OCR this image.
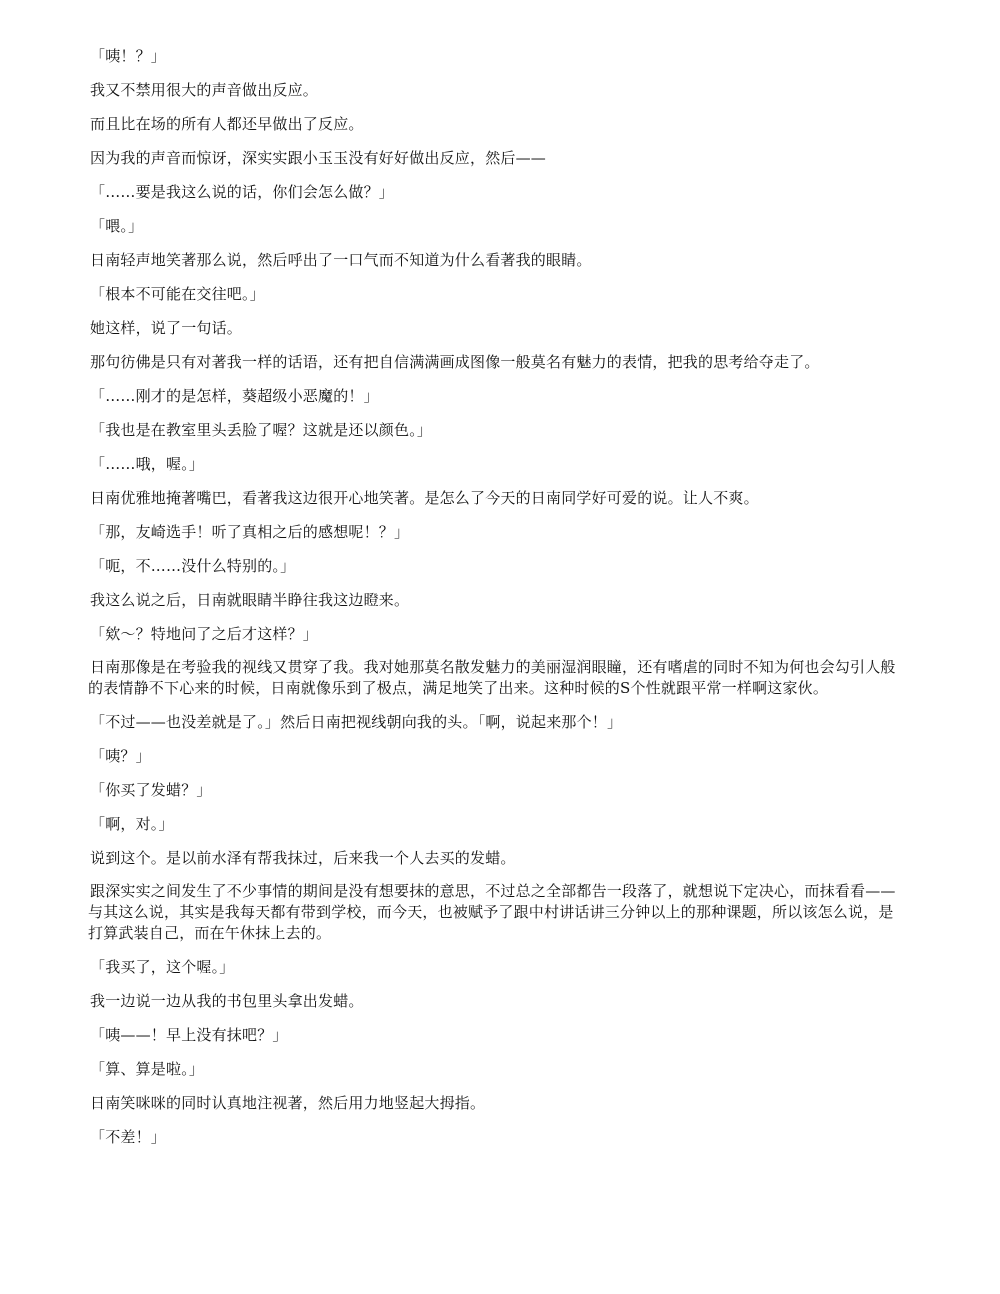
「咦！？」

我又不禁用很大的声音做出反应。

而且比在场的所有人都还早做出了反应。

因为我的声音而惊讶，深实实跟小玉玉没有好好做出反应，然后——

「……要是我这么说的话，你们会怎么做？」

「喂。」

日南轻声地笑著那么说，然后呼出了一口气而不知道为什么看著我的眼睛。

「根本不可能在交往吧。」

她这样，说了一句话。

那句彷佛是只有对著我一样的话语，还有把自信满满画成图像一般莫名有魅力的表情，把我的思考给夺走了。

「……刚才的是怎样，葵超级小恶魔的！」

「我也是在教室里头丢脸了喔？这就是还以颜色。」

「……哦，喔。」

日南优雅地掩著嘴巴，看著我这边很开心地笑著。是怎么了今天的日南同学好可爱的说。让人不爽。

「那，友崎选手！听了真相之后的感想呢！？」

「呃，不……没什么特别的。」

我这么说之后，日南就眼睛半睁往我这边瞪来。

「欸～？特地问了之后才这样？」

日南那像是在考验我的视线又贯穿了我。我对她那莫名散发魅力的美丽湿润眼瞳，还有嗜虐的同时不知为何也会勾引人般的表情静不下心来的时候，日南就像乐到了极点，满足地笑了出来。这种时候的S个性就跟平常一样啊这家伙。

「不过——也没差就是了。」然后日南把视线朝向我的头。「啊，说起来那个！」

「咦？」

「你买了发蜡？」

「啊，对。」

说到这个。是以前水泽有帮我抹过，后来我一个人去买的发蜡。

跟深实实之间发生了不少事情的期间是没有想要抹的意思，不过总之全部都告一段落了，就想说下定决心，而抹看看——与其这么说，其实是我每天都有带到学校，而今天，也被赋予了跟中村讲话讲三分钟以上的那种课题，所以该怎么说，是打算武装自己，而在午休抹上去的。

「我买了，这个喔。」

我一边说一边从我的书包里头拿出发蜡。

「咦——！早上没有抹吧？」

「算、算是啦。」

日南笑咪咪的同时认真地注视著，然后用力地竖起大拇指。

「不差！」
